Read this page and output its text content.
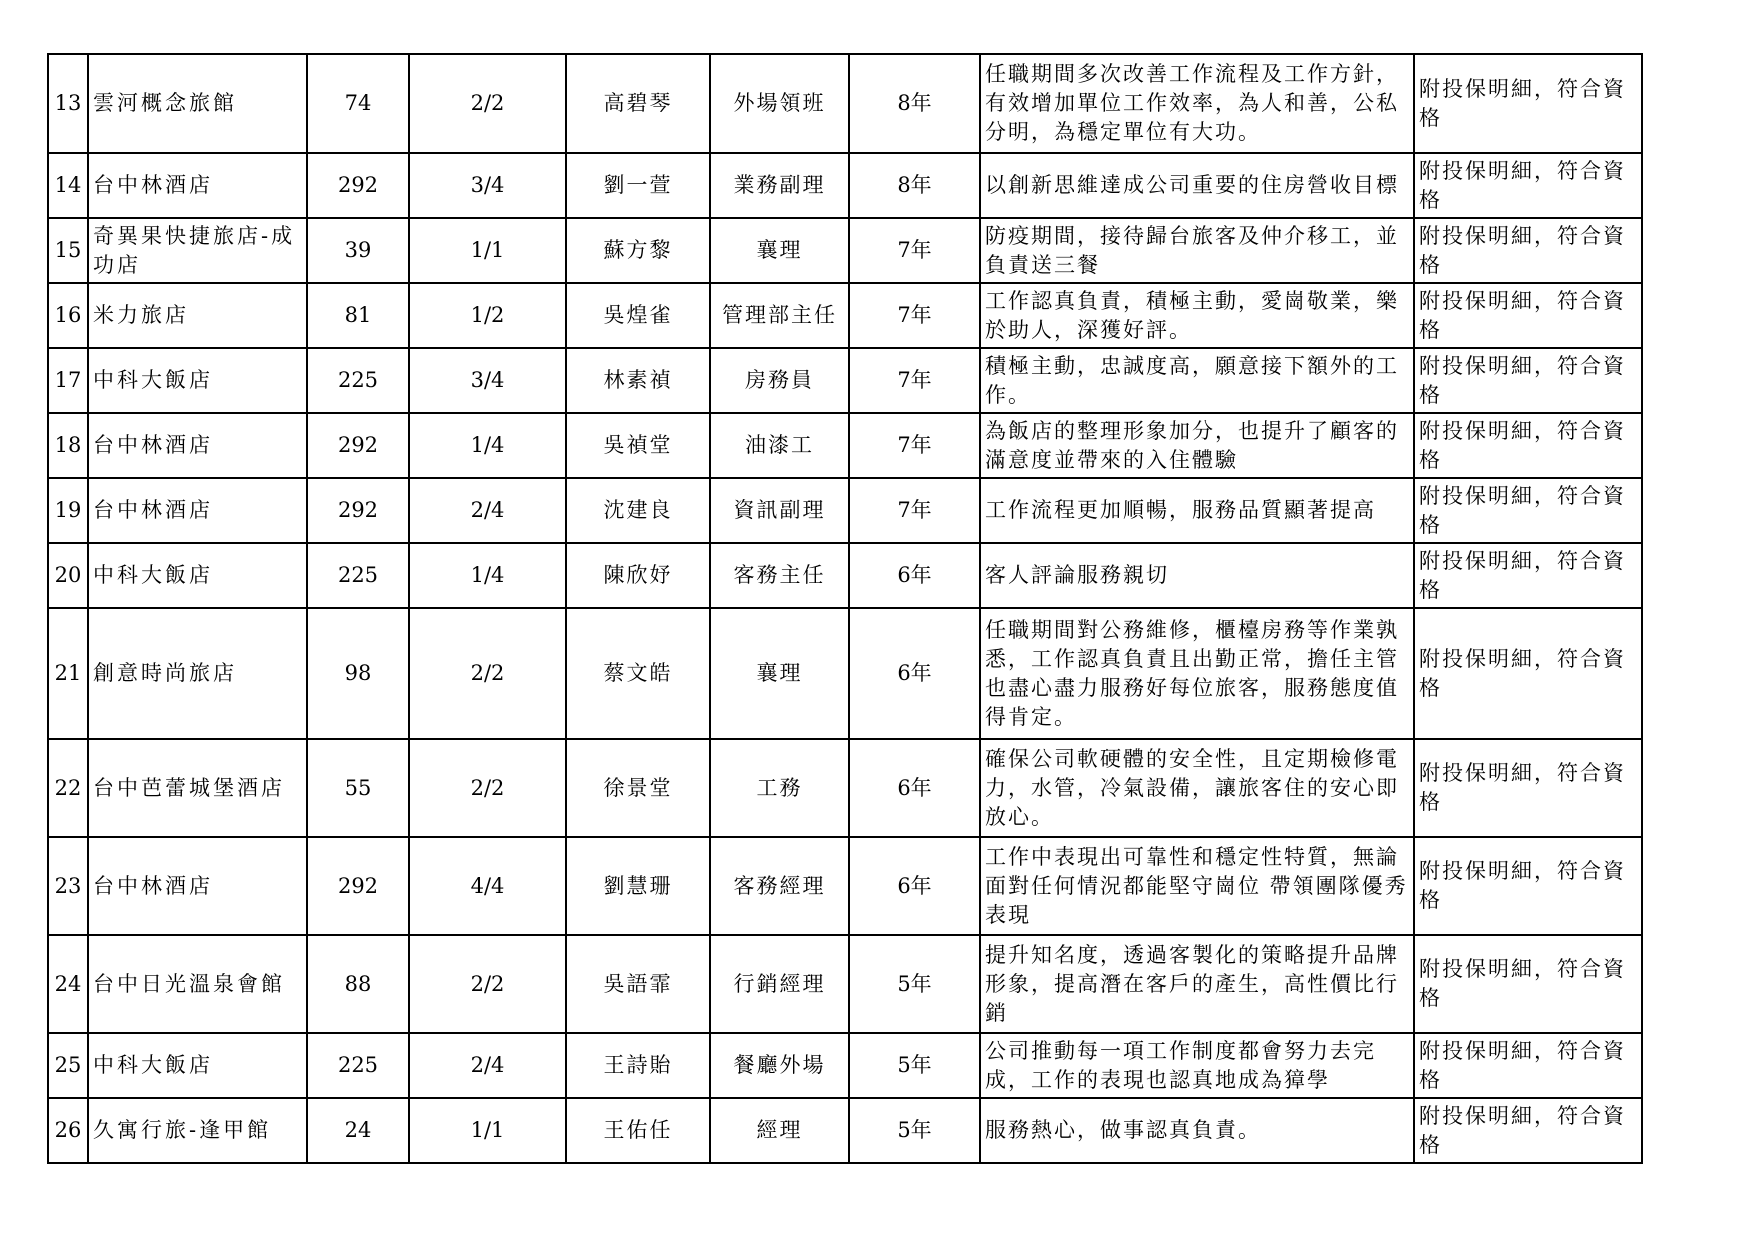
13	雲河概念旅館	74	2/2	高碧琴	外場領班	8年	任職期間多次改善工作流程及工作方針，有效增加單位工作效率，為人和善，公私分明，為穩定單位有大功。	附投保明細，符合資格
14	台中林酒店	292	3/4	劉一萱	業務副理	8年	以創新思維達成公司重要的住房營收目標	附投保明細，符合資格
15	奇異果快捷旅店-成功店	39	1/1	蘇方黎	襄理	7年	防疫期間，接待歸台旅客及仲介移工，並負責送三餐	附投保明細，符合資格
16	米力旅店	81	1/2	吳煌雀	管理部主任	7年	工作認真負責，積極主動，愛崗敬業，樂於助人，深獲好評。	附投保明細，符合資格
17	中科大飯店	225	3/4	林素禎	房務員	7年	積極主動，忠誠度高，願意接下額外的工作。	附投保明細，符合資格
18	台中林酒店	292	1/4	吳禎堂	油漆工	7年	為飯店的整理形象加分，也提升了顧客的滿意度並帶來的入住體驗	附投保明細，符合資格
19	台中林酒店	292	2/4	沈建良	資訊副理	7年	工作流程更加順暢，服務品質顯著提高	附投保明細，符合資格
20	中科大飯店	225	1/4	陳欣妤	客務主任	6年	客人評論服務親切	附投保明細，符合資格
21	創意時尚旅店	98	2/2	蔡文皓	襄理	6年	任職期間對公務維修，櫃檯房務等作業孰悉，工作認真負責且出勤正常，擔任主管也盡心盡力服務好每位旅客，服務態度值得肯定。	附投保明細，符合資格
22	台中芭蕾城堡酒店	55	2/2	徐景堂	工務	6年	確保公司軟硬體的安全性，且定期檢修電力，水管，冷氣設備，讓旅客住的安心即放心。	附投保明細，符合資格
23	台中林酒店	292	4/4	劉慧珊	客務經理	6年	工作中表現出可靠性和穩定性特質，無論面對任何情況都能堅守崗位 帶領團隊優秀表現	附投保明細，符合資格
24	台中日光溫泉會館	88	2/2	吳語霏	行銷經理	5年	提升知名度，透過客製化的策略提升品牌形象，提高潛在客戶的產生，高性價比行銷	附投保明細，符合資格
25	中科大飯店	225	2/4	王詩貽	餐廳外場	5年	公司推動每一項工作制度都會努力去完成，工作的表現也認真地成為獐學	附投保明細，符合資格
26	久寓行旅-逢甲館	24	1/1	王佑任	經理	5年	服務熱心，做事認真負責。	附投保明細，符合資格
